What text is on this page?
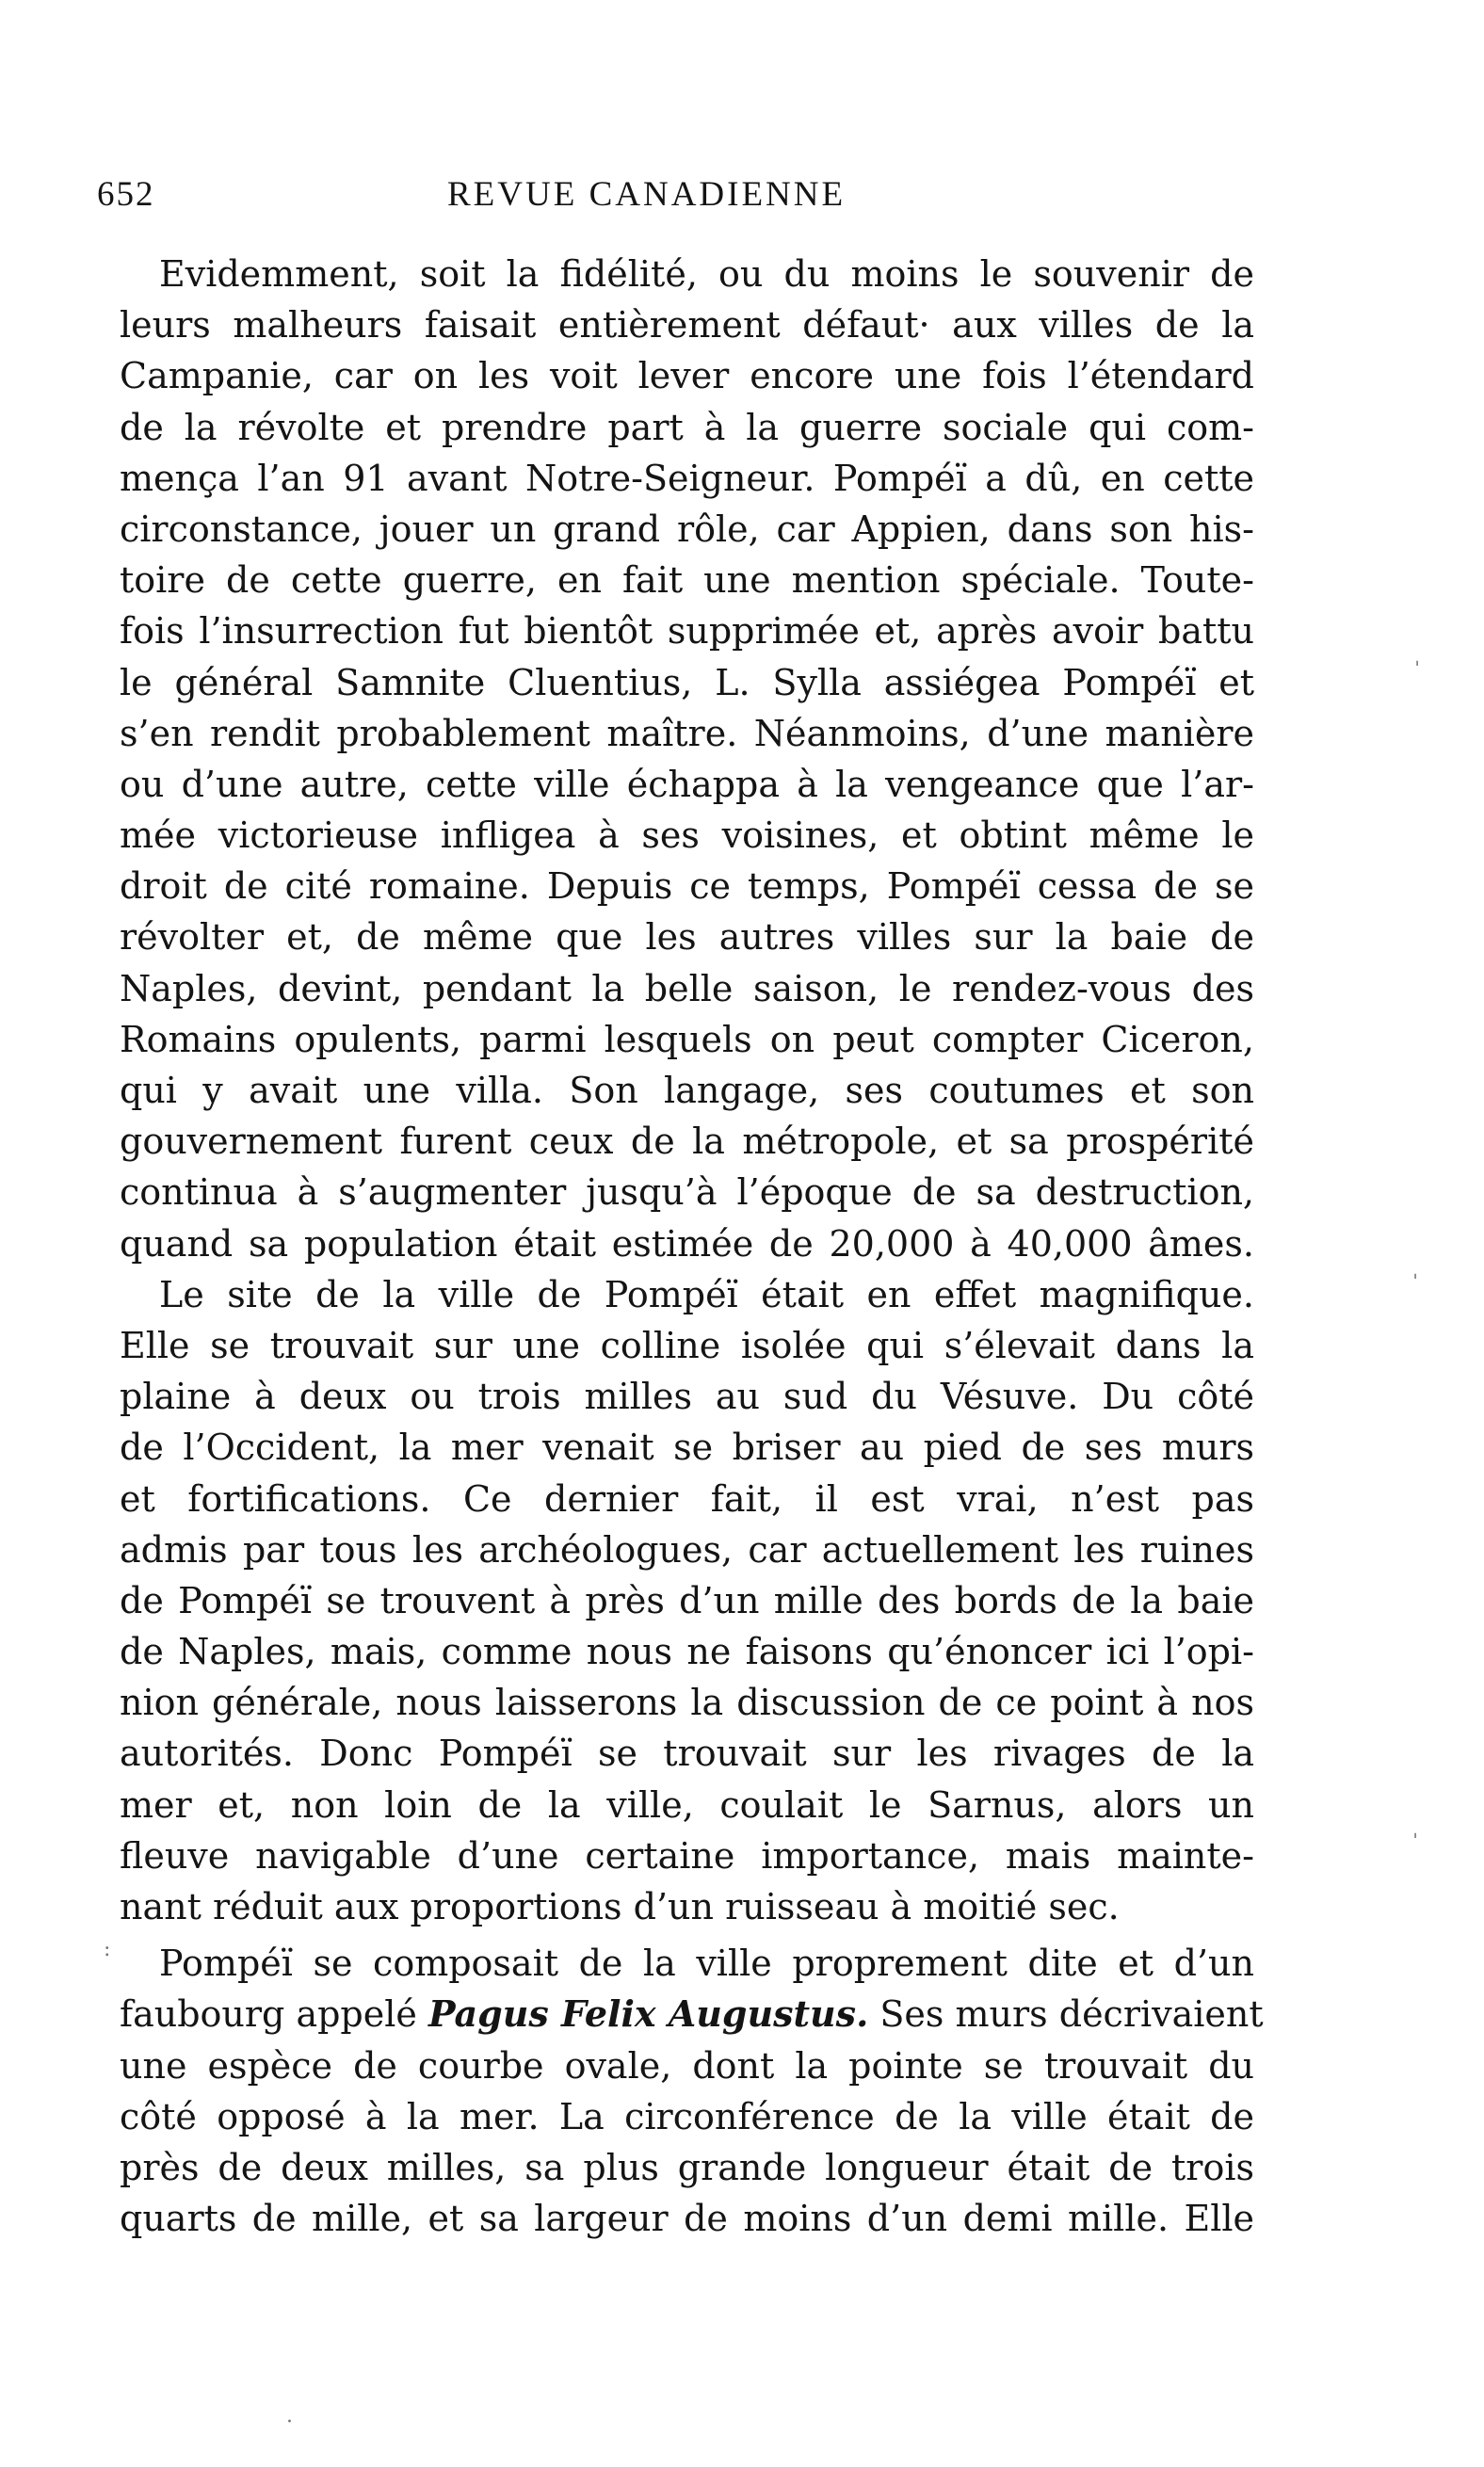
652	REVUE CANADIENNE
Evidemment, soit la fidélité, ou du moins le souvenir de
leurs malheurs faisait entièrement défaut· aux villes de la
Campanie, car on les voit lever encore une fois l’étendard
de la révolte et prendre part à la guerre sociale qui com-
mença l’an 91 avant Notre-Seigneur. Pompéï a dû, en cette
circonstance, jouer un grand rôle, car Appien, dans son his-
toire de cette guerre, en fait une mention spéciale. Toute-
fois l’insurrection fut bientôt supprimée et, après avoir battu
le général Samnite Cluentius, L. Sylla assiégea Pompéï et
s’en rendit probablement maître. Néanmoins, d’une manière
ou d’une autre, cette ville échappa à la vengeance que l’ar-
mée victorieuse infligea à ses voisines, et obtint même le
droit de cité romaine. Depuis ce temps, Pompéï cessa de se
révolter et, de même que les autres villes sur la baie de
Naples, devint, pendant la belle saison, le rendez-vous des
Romains opulents, parmi lesquels on peut compter Ciceron,
qui y avait une villa. Son langage, ses coutumes et son
gouvernement furent ceux de la métropole, et sa prospérité
continua à s’augmenter jusqu’à l’époque de sa destruction,
quand sa population était estimée de 20,000 à 40,000 âmes.
Le site de la ville de Pompéï était en effet magnifique.
Elle se trouvait sur une colline isolée qui s’élevait dans la
plaine à deux ou trois milles au sud du Vésuve. Du côté
de l’Occident, la mer venait se briser au pied de ses murs
et fortifications. Ce dernier fait, il est vrai, n’est pas
admis par tous les archéologues, car actuellement les ruines
de Pompéï se trouvent à près d’un mille des bords de la baie
de Naples, mais, comme nous ne faisons qu’énoncer ici l’opi-
nion générale, nous laisserons la discussion de ce point à nos
autorités. Donc Pompéï se trouvait sur les rivages de la
mer et, non loin de la ville, coulait le Sarnus, alors un
fleuve navigable d’une certaine importance, mais mainte-
nant réduit aux proportions d’un ruisseau à moitié sec.
Pompéï se composait de la ville proprement dite et d’un
faubourg appelé Pagus Felix Augustus. Ses murs décrivaient
une espèce de courbe ovale, dont la pointe se trouvait du
côté opposé à la mer. La circonférence de la ville était de
près de deux milles, sa plus grande longueur était de trois
quarts de mille, et sa largeur de moins d’un demi mille. Elle
ˈ
ˌ
ˈ
:
·
